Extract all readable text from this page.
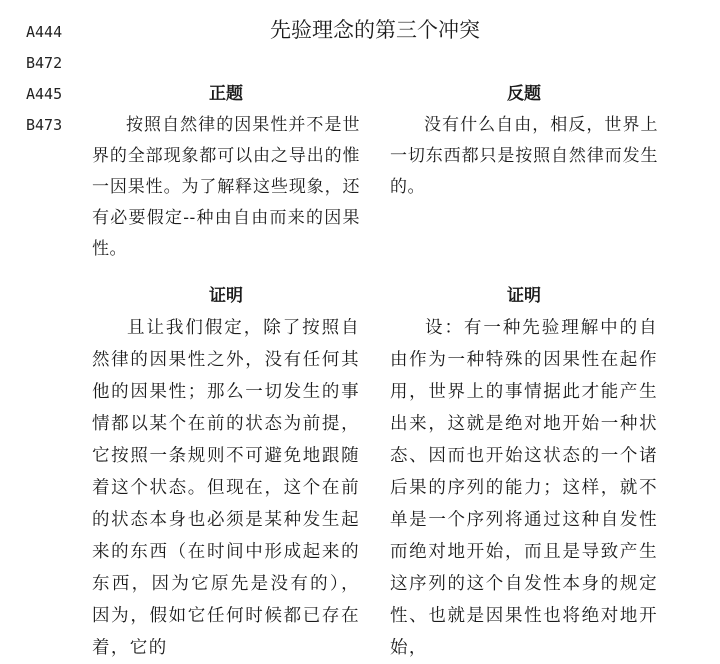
A444
B472
A445
B473
先验理念的第三个冲突
正题

按照自然律的因果性并不是世界的全部现象都可以由之导出的惟一因果性。为了解释这些现象，还有必要假定--种由自由而来的因果性。

证明

且让我们假定，除了按照自然律的因果性之外，没有任何其他的因果性；那么一切发生的事情都以某个在前的状态为前提，它按照一条规则不可避免地跟随着这个状态。但现在，这个在前的状态本身也必须是某种发生起来的东西（在时间中形成起来的东西，因为它原先是没有的），因为，假如它任何时候都已存在着，它的

反题

没有什么自由，相反，世界上一切东西都只是按照自然律而发生的。

证明

设：有一种先验理解中的自由作为一种特殊的因果性在起作用，世界上的事情据此才能产生出来，这就是绝对地开始一种状态、因而也开始这状态的一个诸后果的序列的能力；这样，就不单是一个序列将通过这种自发性而绝对地开始，而且是导致产生这序列的这个自发性本身的规定性、也就是因果性也将绝对地开始，
